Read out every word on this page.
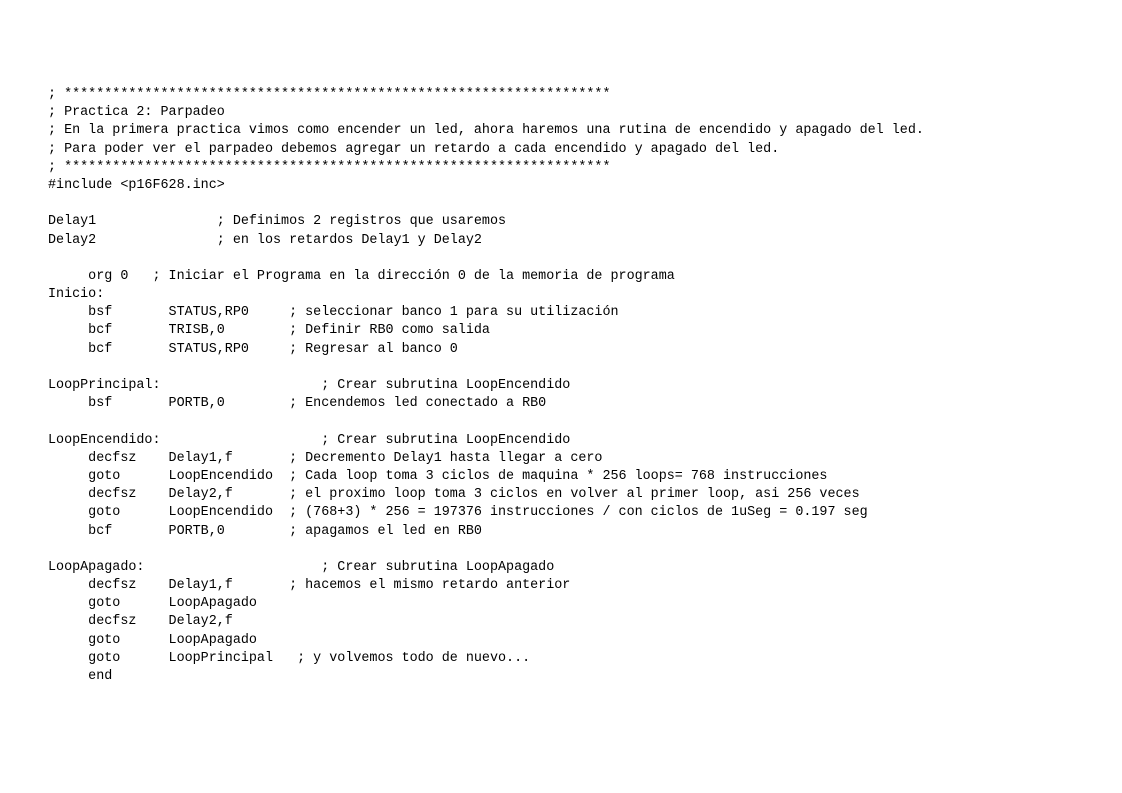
; ********************************************************************
; Practica 2: Parpadeo
; En la primera practica vimos como encender un led, ahora haremos una rutina de encendido y apagado del led.
; Para poder ver el parpadeo debemos agregar un retardo a cada encendido y apagado del led.
; ********************************************************************
#include <p16F628.inc>
Delay1               ; Definimos 2 registros que usaremos
Delay2               ; en los retardos Delay1 y Delay2
org 0   ; Iniciar el Programa en la dirección 0 de la memoria de programa
Inicio:
bsf       STATUS,RP0     ; seleccionar banco 1 para su utilización
bcf       TRISB,0        ; Definir RB0 como salida
bcf       STATUS,RP0     ; Regresar al banco 0
LoopPrincipal:                    ; Crear subrutina LoopEncendido
bsf       PORTB,0        ; Encendemos led conectado a RB0
LoopEncendido:                    ; Crear subrutina LoopEncendido
decfsz    Delay1,f       ; Decremento Delay1 hasta llegar a cero
goto      LoopEncendido  ; Cada loop toma 3 ciclos de maquina * 256 loops= 768 instrucciones
decfsz    Delay2,f       ; el proximo loop toma 3 ciclos en volver al primer loop, asi 256 veces
goto      LoopEncendido  ; (768+3) * 256 = 197376 instrucciones / con ciclos de 1uSeg = 0.197 seg
bcf       PORTB,0        ; apagamos el led en RB0
LoopApagado:                      ; Crear subrutina LoopApagado
decfsz    Delay1,f       ; hacemos el mismo retardo anterior
goto      LoopApagado
decfsz    Delay2,f
goto      LoopApagado
goto      LoopPrincipal   ; y volvemos todo de nuevo...
end
